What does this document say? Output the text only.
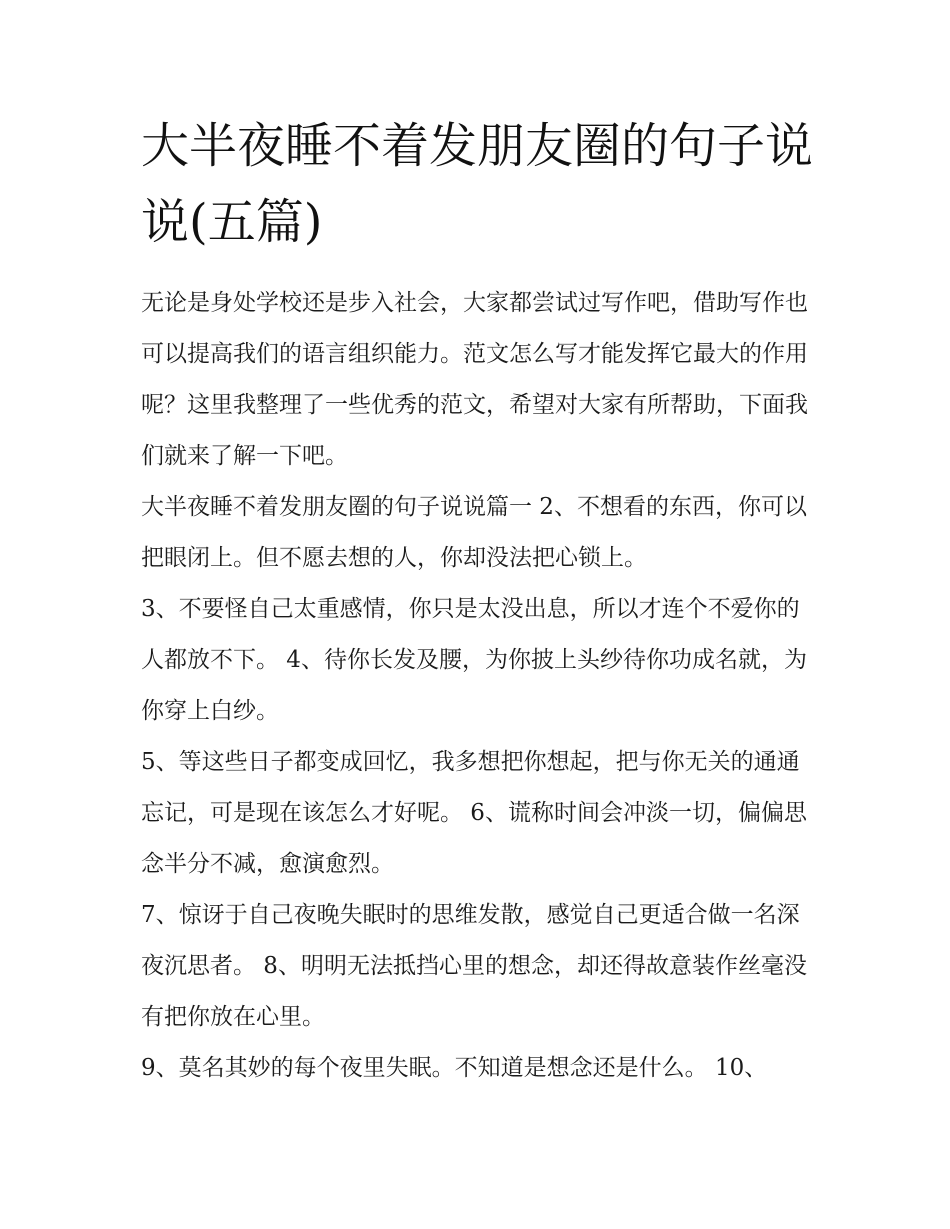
大半夜睡不着发朋友圈的句子说说(五篇)

无论是身处学校还是步入社会，大家都尝试过写作吧，借助写作也可以提高我们的语言组织能力。范文怎么写才能发挥它最大的作用呢？这里我整理了一些优秀的范文，希望对大家有所帮助，下面我们就来了解一下吧。

大半夜睡不着发朋友圈的句子说说篇一 2、不想看的东西，你可以把眼闭上。但不愿去想的人，你却没法把心锁上。

3、不要怪自己太重感情，你只是太没出息，所以才连个不爱你的人都放不下。 4、待你长发及腰，为你披上头纱待你功成名就，为你穿上白纱。

5、等这些日子都变成回忆，我多想把你想起，把与你无关的通通忘记，可是现在该怎么才好呢。 6、谎称时间会冲淡一切，偏偏思念半分不减，愈演愈烈。

7、惊讶于自己夜晚失眠时的思维发散，感觉自己更适合做一名深夜沉思者。 8、明明无法抵挡心里的想念，却还得故意装作丝毫没有把你放在心里。

9、莫名其妙的每个夜里失眠。不知道是想念还是什么。 10、
